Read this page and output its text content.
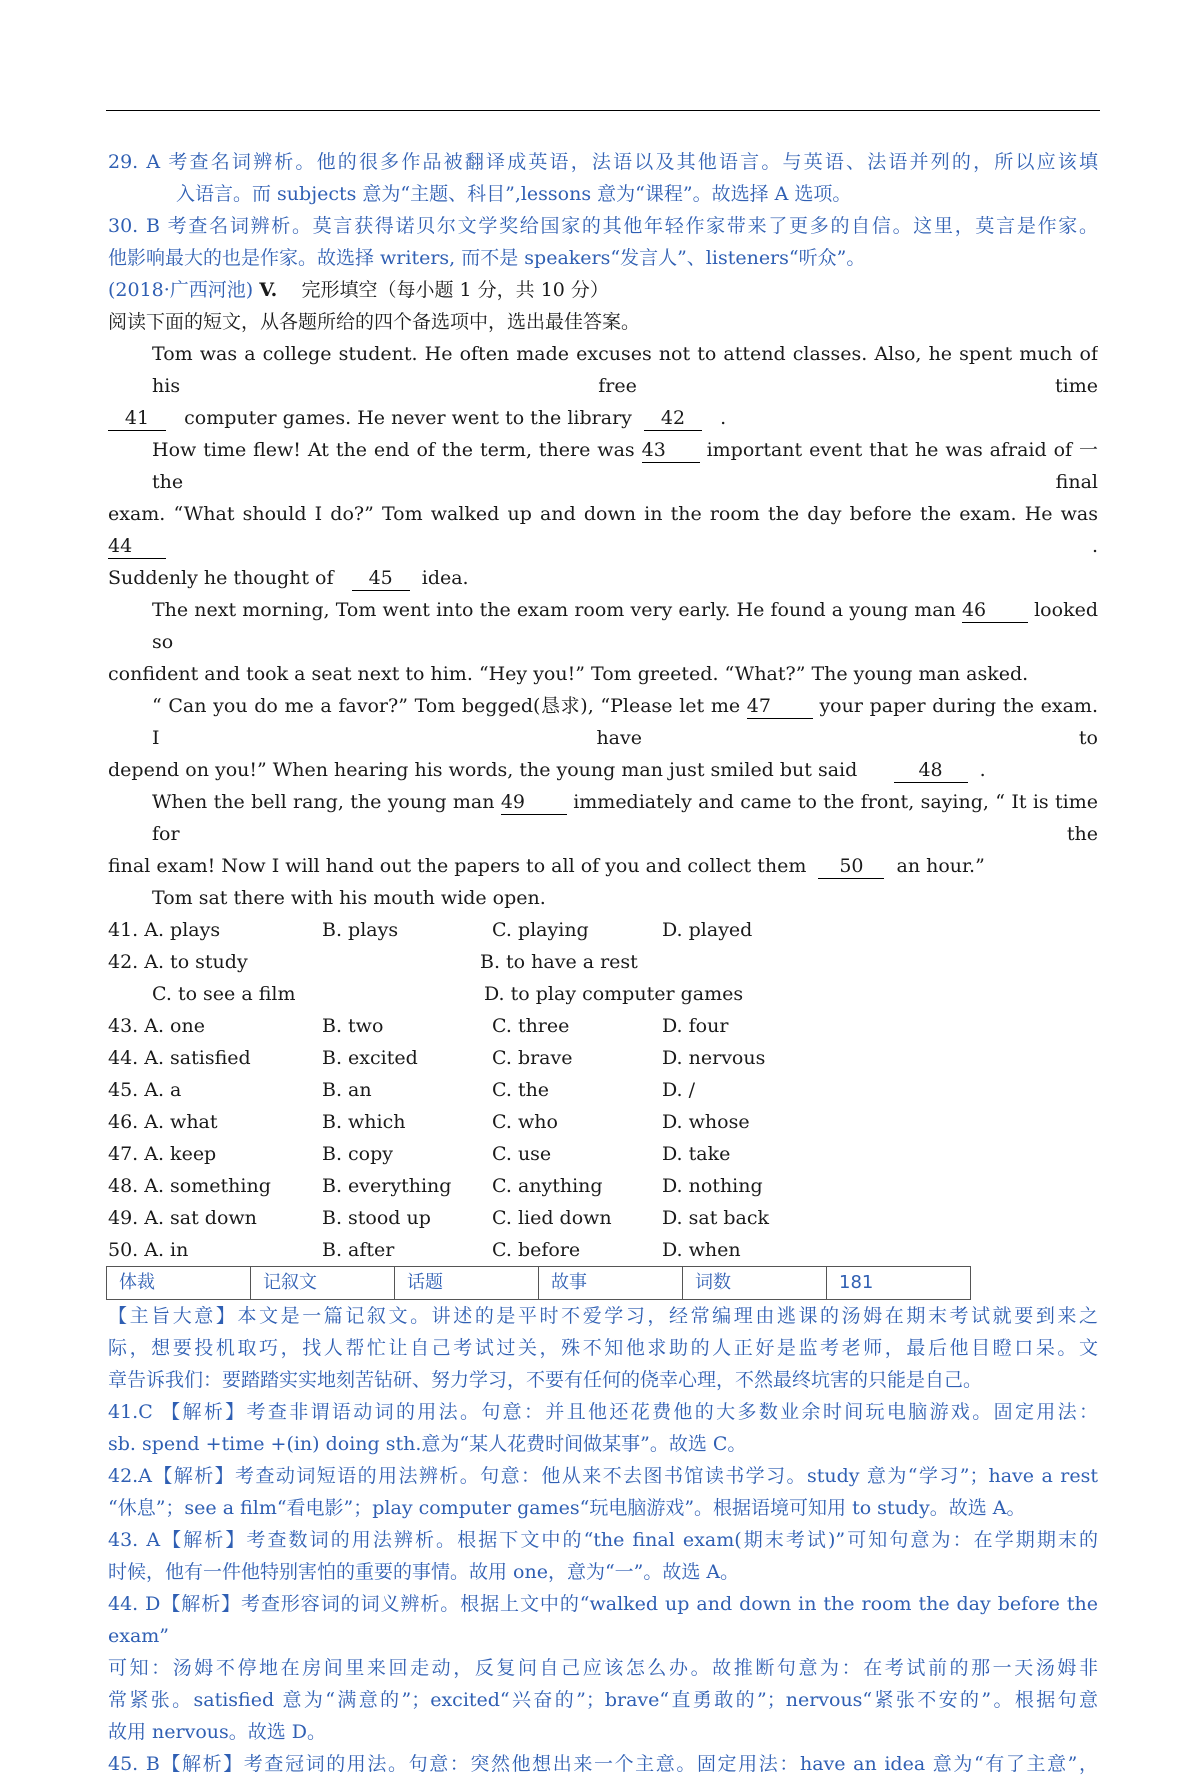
29. A 考查名词辨析。他的很多作品被翻译成英语，法语以及其他语言。与英语、法语并列的，所以应该填
入语言。而 subjects 意为“主题、科目”,lessons 意为“课程”。故选择 A 选项。
30. B 考查名词辨析。莫言获得诺贝尔文学奖给国家的其他年轻作家带来了更多的自信。这里，莫言是作家。
他影响最大的也是作家。故选择 writers, 而不是 speakers“发言人”、listeners“听众”。
(2018·广西河池) V. 完形填空（每小题 1 分，共 10 分）
阅读下面的短文，从各题所给的四个备选项中，选出最佳答案。
Tom was a college student. He often made excuses not to attend classes. Also, he spent much of his free time
41 computer games. He never went to the library 42 .
How time flew! At the end of the term, there was 43 important event that he was afraid of 一 the final
exam. “What should I do?” Tom walked up and down in the room the day before the exam. He was 44	.
Suddenly he thought of 45 idea.
The next morning, Tom went into the exam room very early. He found a young man 46	looked so
confident and took a seat next to him. “Hey you!” Tom greeted. “What?” The young man asked.
“ Can you do me a favor?” Tom begged(恳求), “Please let me 47	your paper during the exam. I have to
depend on you!” When hearing his words, the young man just smiled but said	48 .
When the bell rang, the young man 49	immediately and came to the front, saying, “ It is time for the
final exam! Now I will hand out the papers to all of you and collect them 50 an hour.”
Tom sat there with his mouth wide open.
41. A. plays	B. plays	C. playing	D. played
42. A. to study	B. to have a rest
C. to see a film	D. to play computer games
43. A. one	B. two	C. three	D. four
44. A. satisfied	B. excited	C. brave	D. nervous
45. A. a	B. an	C. the	D. /
46. A. what	B. which	C. who	D. whose
47. A. keep	B. copy	C. use	D. take
48. A. something	B. everything	C. anything	D. nothing
49. A. sat down	B. stood up	C. lied down	D. sat back
50. A. in	B. after	C. before	D. when
体裁	记叙文	话题	故事	词数	181
【主旨大意】本文是一篇记叙文。讲述的是平时不爱学习，经常编理由逃课的汤姆在期末考试就要到来之
际，想要投机取巧，找人帮忙让自己考试过关，殊不知他求助的人正好是监考老师，最后他目瞪口呆。文
章告诉我们：要踏踏实实地刻苦钻研、努力学习，不要有任何的侥幸心理，不然最终坑害的只能是自己。
41.C 【解析】考查非谓语动词的用法。句意：并且他还花费他的大多数业余时间玩电脑游戏。固定用法：
sb. spend +time +(in) doing sth.意为“某人花费时间做某事”。故选 C。
42.A【解析】考查动词短语的用法辨析。句意：他从来不去图书馆读书学习。study 意为“学习”；have a rest
“休息”；see a film“看电影”；play computer games“玩电脑游戏”。根据语境可知用 to study。故选 A。
43. A【解析】考查数词的用法辨析。根据下文中的“the final exam(期末考试)”可知句意为：在学期期末的
时候，他有一件他特别害怕的重要的事情。故用 one，意为“一”。故选 A。
44. D【解析】考查形容词的词义辨析。根据上文中的“walked up and down in the room the day before the exam”
可知：汤姆不停地在房间里来回走动，反复问自己应该怎么办。故推断句意为：在考试前的那一天汤姆非
常紧张。satisfied 意为“满意的”；excited“兴奋的”；brave“直勇敢的”；nervous“紧张不安的”。根据句意
故用 nervous。故选 D。
45. B【解析】考查冠词的用法。句意：突然他想出来一个主意。固定用法：have an idea 意为“有了主意”，
